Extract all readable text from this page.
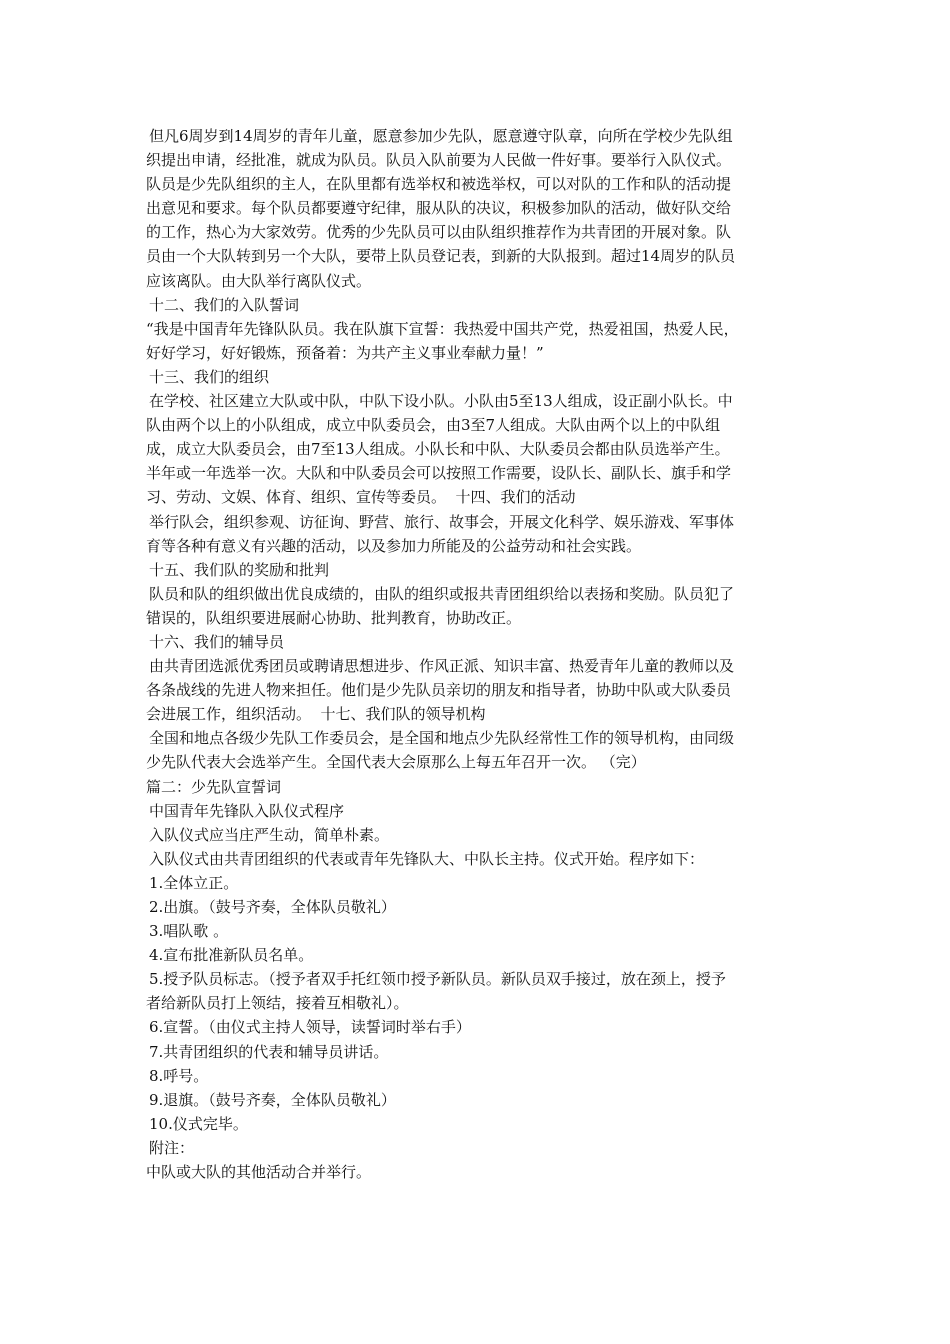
但凡6周岁到14周岁的青年儿童，愿意参加少先队，愿意遵守队章，向所在学校少先队组
织提出申请，经批准，就成为队员。队员入队前要为人民做一件好事。要举行入队仪式。
队员是少先队组织的主人，在队里都有选举权和被选举权，可以对队的工作和队的活动提
出意见和要求。每个队员都要遵守纪律，服从队的决议，积极参加队的活动，做好队交给
的工作，热心为大家效劳。优秀的少先队员可以由队组织推荐作为共青团的开展对象。队
员由一个大队转到另一个大队，要带上队员登记表，到新的大队报到。超过14周岁的队员
应该离队。由大队举行离队仪式。
十二、我们的入队誓词
“我是中国青年先锋队队员。我在队旗下宣誓：我热爱中国共产党，热爱祖国，热爱人民，
好好学习，好好锻炼，预备着：为共产主义事业奉献力量！”
十三、我们的组织
在学校、社区建立大队或中队，中队下设小队。小队由5至13人组成，设正副小队长。中
队由两个以上的小队组成，成立中队委员会，由3至7人组成。大队由两个以上的中队组
成，成立大队委员会，由7至13人组成。小队长和中队、大队委员会都由队员选举产生。
半年或一年选举一次。大队和中队委员会可以按照工作需要，设队长、副队长、旗手和学
习、劳动、文娱、体育、组织、宣传等委员。  十四、我们的活动
举行队会，组织参观、访征询、野营、旅行、故事会，开展文化科学、娱乐游戏、军事体
育等各种有意义有兴趣的活动，以及参加力所能及的公益劳动和社会实践。
十五、我们队的奖励和批判
队员和队的组织做出优良成绩的，由队的组织或报共青团组织给以表扬和奖励。队员犯了
错误的，队组织要进展耐心协助、批判教育，协助改正。
十六、我们的辅导员
由共青团选派优秀团员或聘请思想进步、作风正派、知识丰富、热爱青年儿童的教师以及
各条战线的先进人物来担任。他们是少先队员亲切的朋友和指导者，协助中队或大队委员
会进展工作，组织活动。  十七、我们队的领导机构
全国和地点各级少先队工作委员会，是全国和地点少先队经常性工作的领导机构，由同级
少先队代表大会选举产生。全国代表大会原那么上每五年召开一次。 （完）
篇二：少先队宣誓词
中国青年先锋队入队仪式程序
入队仪式应当庄严生动，简单朴素。
入队仪式由共青团组织的代表或青年先锋队大、中队长主持。仪式开始。程序如下：
1.全体立正。
2.出旗。（鼓号齐奏，全体队员敬礼）
3.唱队歌 。
4.宣布批准新队员名单。
5.授予队员标志。（授予者双手托红领巾授予新队员。新队员双手接过，放在颈上，授予
者给新队员打上领结，接着互相敬礼）。
6.宣誓。（由仪式主持人领导，读誓词时举右手）
7.共青团组织的代表和辅导员讲话。
8.呼号。
9.退旗。（鼓号齐奏，全体队员敬礼）
10.仪式完毕。
附注：
中队或大队的其他活动合并举行。
